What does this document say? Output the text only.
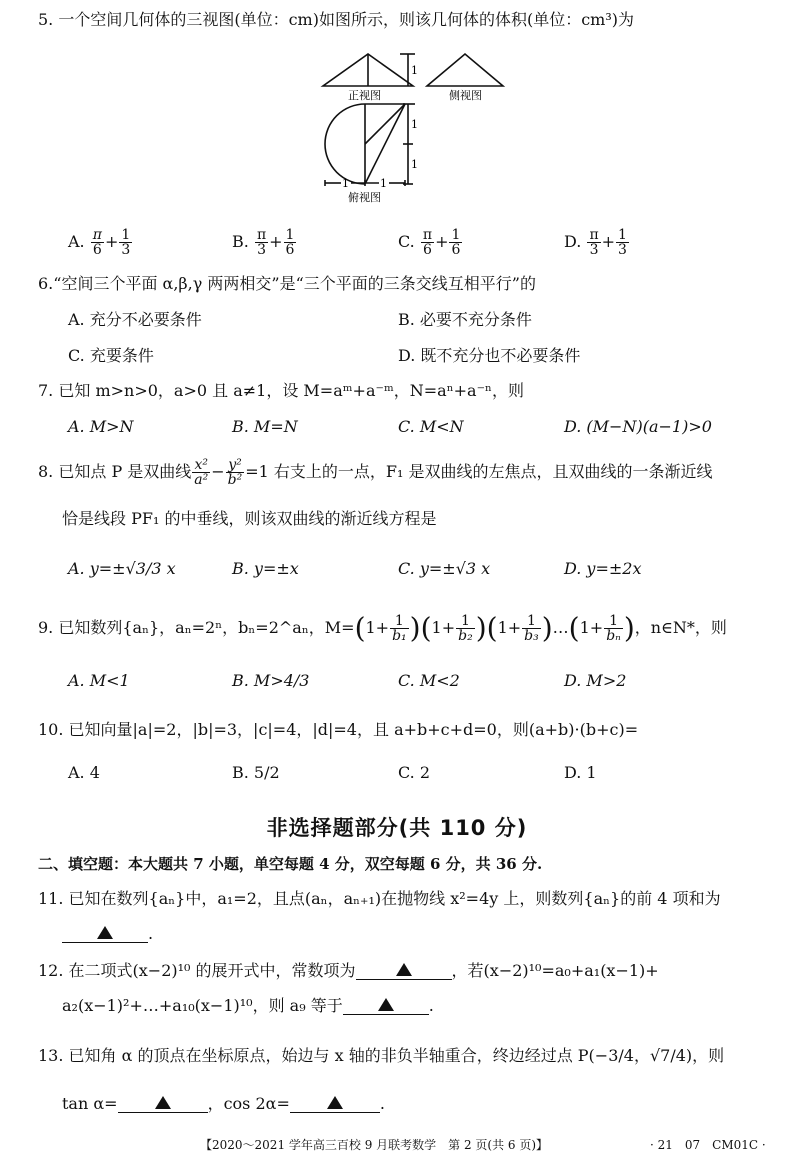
5. 一个空间几何体的三视图(单位：cm)如图所示，则该几何体的体积(单位：cm³)为
1
正视图	侧视图
1
1
1	1
俯视图
A. $\frac{\pi}{6} + \frac{1}{3}$	B. $\frac{\pi}{3} + \frac{1}{6}$	C. $\frac{\pi}{6} + \frac{1}{6}$	D. $\frac{\pi}{3} + \frac{1}{3}$
6.“空间三个平面 α,β,γ 两两相交”是“三个平面的三条交线互相平行”的
A. 充分不必要条件	B. 必要不充分条件
C. 充要条件	D. 既不充分也不必要条件
7. 已知 m>n>0，a>0 且 a≠1，设 M=aᵐ+a⁻ᵐ，N=aⁿ+a⁻ⁿ，则
A. M>N	B. M=N	C. M<N	D. (M−N)(a−1)>0
8. 已知点 P 是双曲线 $\frac{\text{x²}}{\text{a²}} - \frac{\text{y²}}{\text{b²}} =1$ 右支上的一点，F₁ 是双曲线的左焦点，且双曲线的一条渐近线
恰是线段 PF₁ 的中垂线，则该双曲线的渐近线方程是
A. y=±√3/3 x	B. y=±x	C. y=±√3 x	D. y=±2x
9. 已知数列{aₙ}，aₙ=2ⁿ，bₙ=2^aₙ，$M=(1+ \frac{1}{\text{b₁}} )(1+ \frac{1}{\text{b₂}} )(1+ \frac{1}{\text{b₃}}$ )…(1+ $\frac{1}{\text{bₙ}}$ )，n∈N*，则
A. M<1	B. M>4/3	C. M<2	D. M>2
10. 已知向量|a|=2，|b|=3，|c|=4，|d|=4，且 a+b+c+d=0，则(a+b)·(b+c)=
A. 4	B. 5/2	C. 2	D. 1
非选择题部分(共 110 分)
二、填空题：本大题共 7 小题，单空每题 4 分，双空每题 6 分，共 36 分.
11. 已知在数列{aₙ}中，a₁=2，且点(aₙ，aₙ₊₁)在抛物线 x²=4y 上，则数列{aₙ}的前 4 项和为
.
12. 在二项式(x−2)¹⁰ 的展开式中，常数项为	，若(x−2)¹⁰=a₀+a₁(x−1)+
a₂(x−1)²+…+a₁₀(x−1)¹⁰，则 a₉ 等于	.
13. 已知角 α 的顶点在坐标原点，始边与 x 轴的非负半轴重合，终边经过点 P(−3/4，√7/4)，则
tan α=	，cos 2α=	.
【2020～2021 学年高三百校 9 月联考数学　第 2 页(共 6 页)】	· 21　07　CM01C ·
